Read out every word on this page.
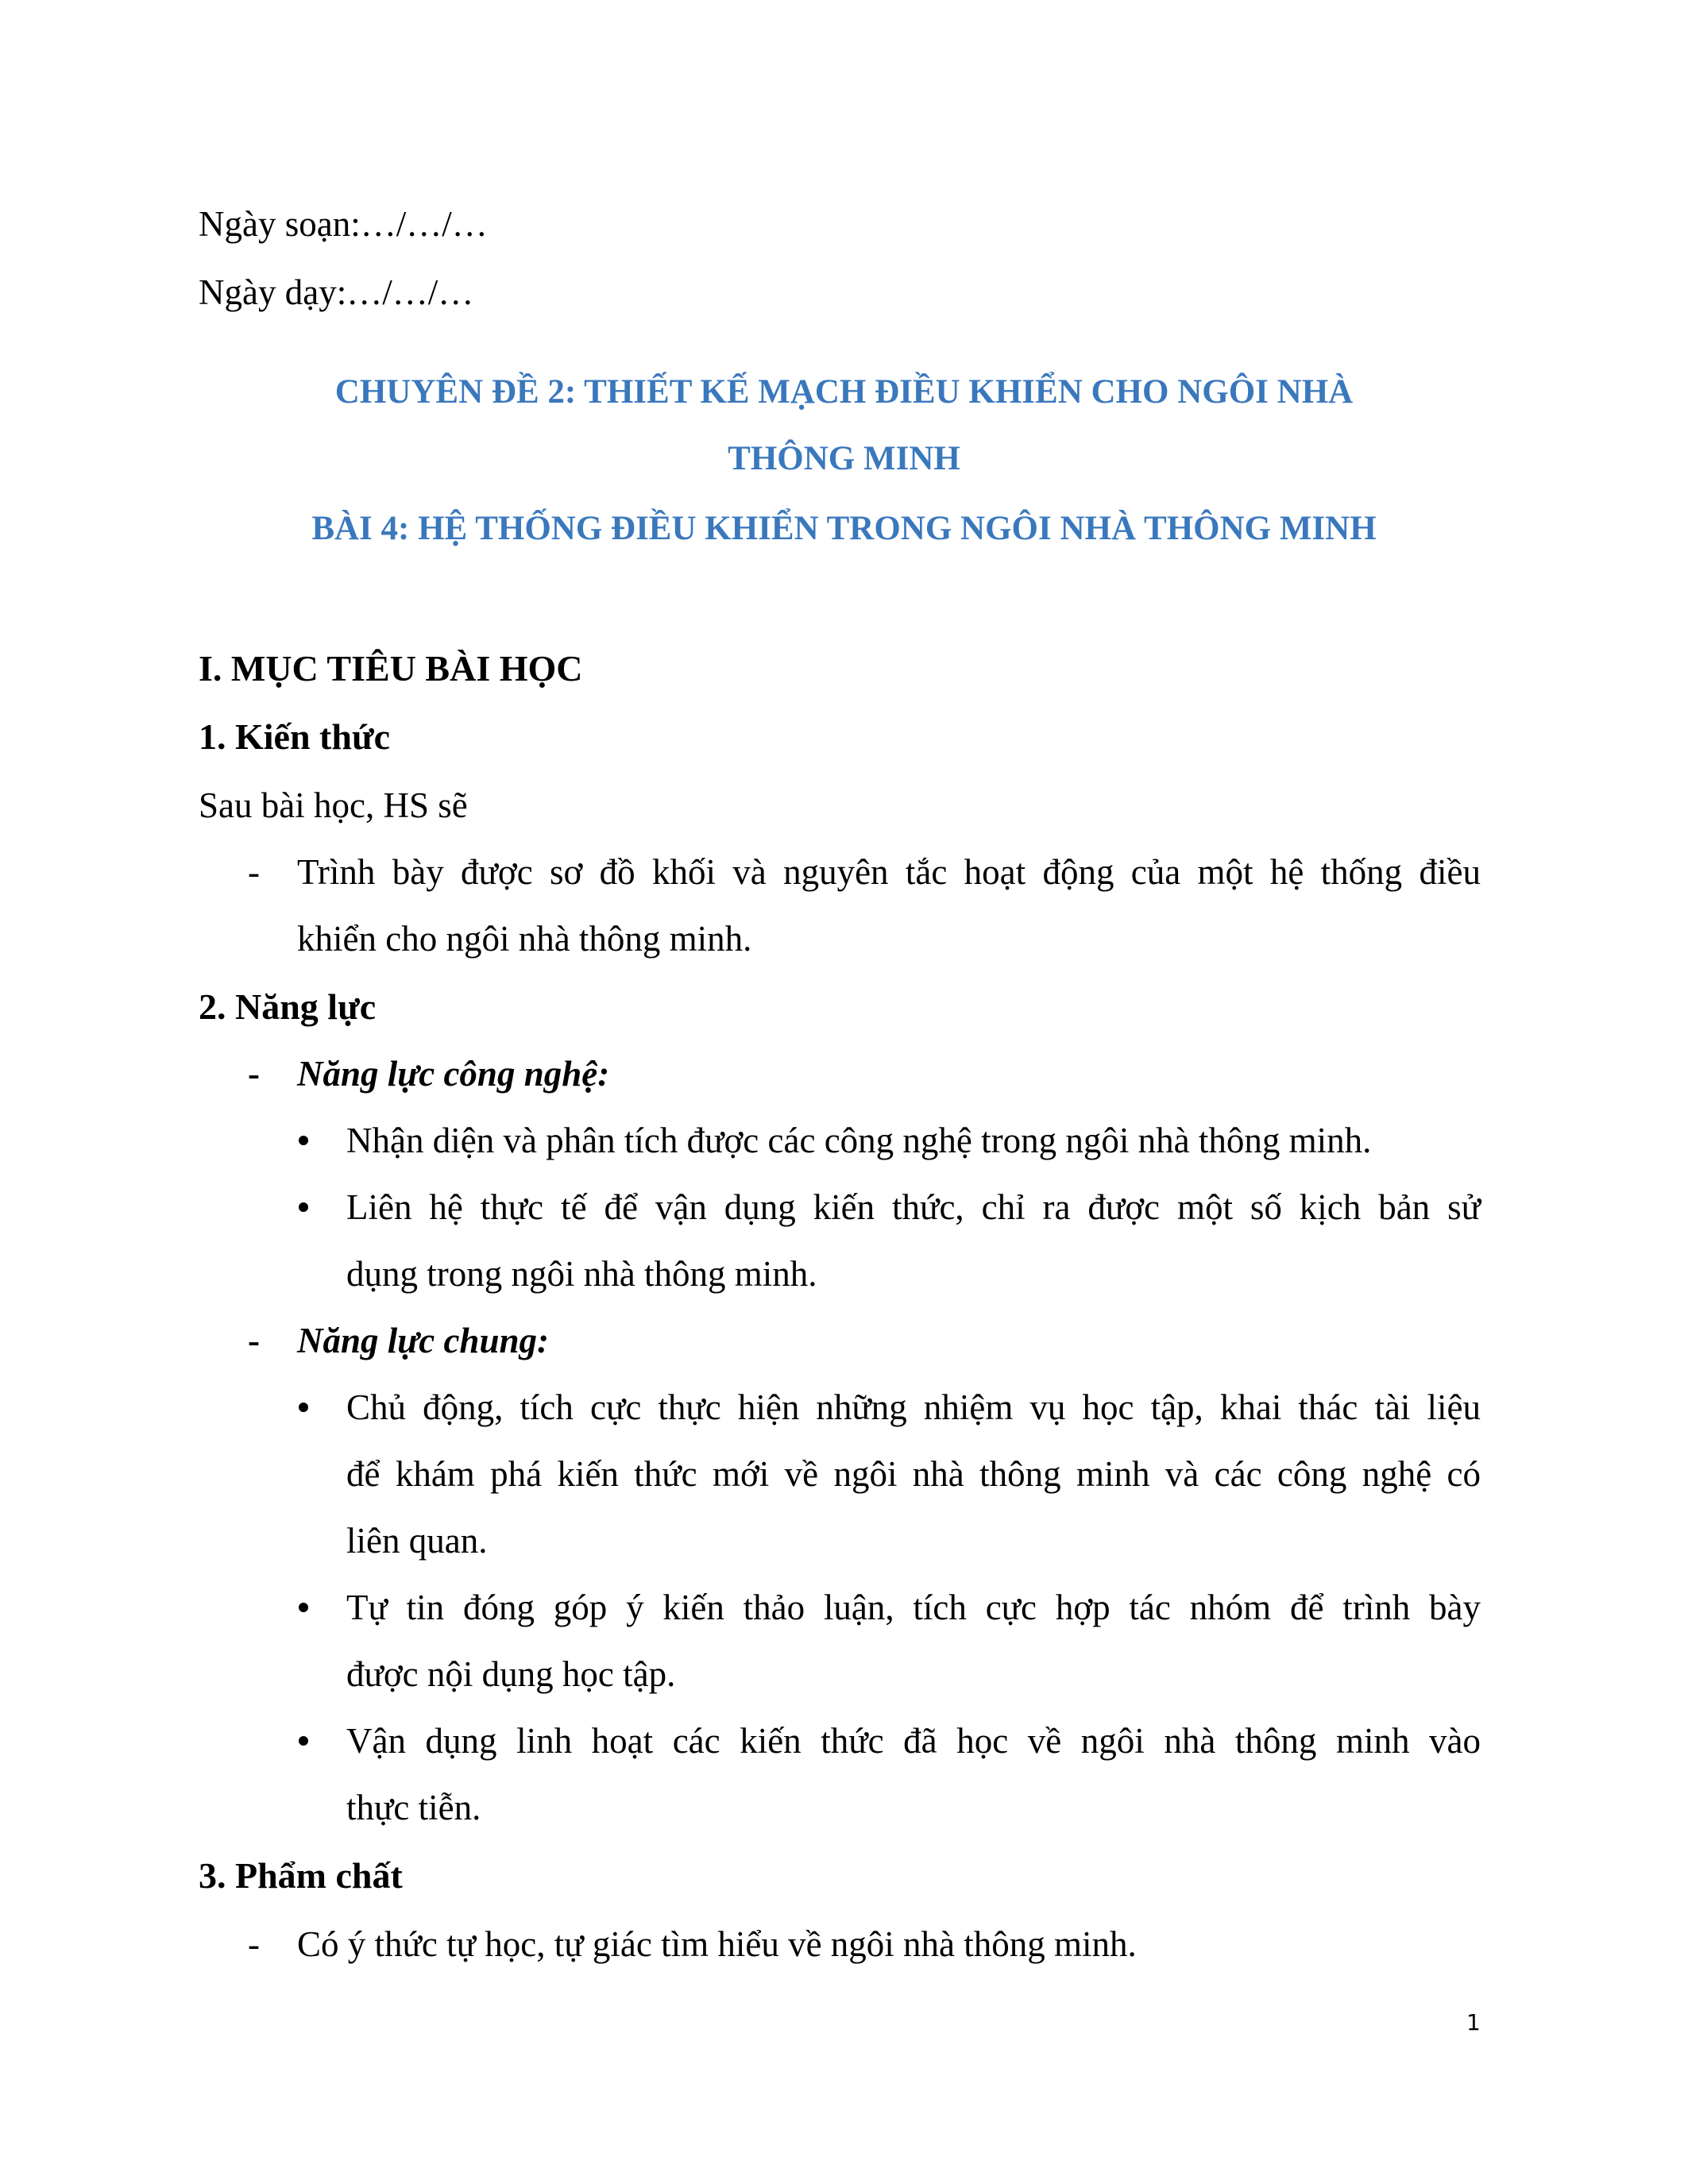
Ngày soạn:…/…/…
Ngày dạy:…/…/…
CHUYÊN ĐỀ 2: THIẾT KẾ MẠCH ĐIỀU KHIỂN CHO NGÔI NHÀ
THÔNG MINH
BÀI 4: HỆ THỐNG ĐIỀU KHIỂN TRONG NGÔI NHÀ THÔNG MINH
I. MỤC TIÊU BÀI HỌC
1. Kiến thức
Sau bài học, HS sẽ
- Trình bày được sơ đồ khối và nguyên tắc hoạt động của một hệ thống điều
khiển cho ngôi nhà thông minh.
2. Năng lực
- Năng lực công nghệ:
Nhận diện và phân tích được các công nghệ trong ngôi nhà thông minh.
Liên hệ thực tế để vận dụng kiến thức, chỉ ra được một số kịch bản sử
dụng trong ngôi nhà thông minh.
- Năng lực chung:
Chủ động, tích cực thực hiện những nhiệm vụ học tập, khai thác tài liệu
để khám phá kiến thức mới về ngôi nhà thông minh và các công nghệ có
liên quan.
Tự tin đóng góp ý kiến thảo luận, tích cực hợp tác nhóm để trình bày
được nội dụng học tập.
Vận dụng linh hoạt các kiến thức đã học về ngôi nhà thông minh vào
thực tiễn.
3. Phẩm chất
- Có ý thức tự học, tự giác tìm hiểu về ngôi nhà thông minh.
1
